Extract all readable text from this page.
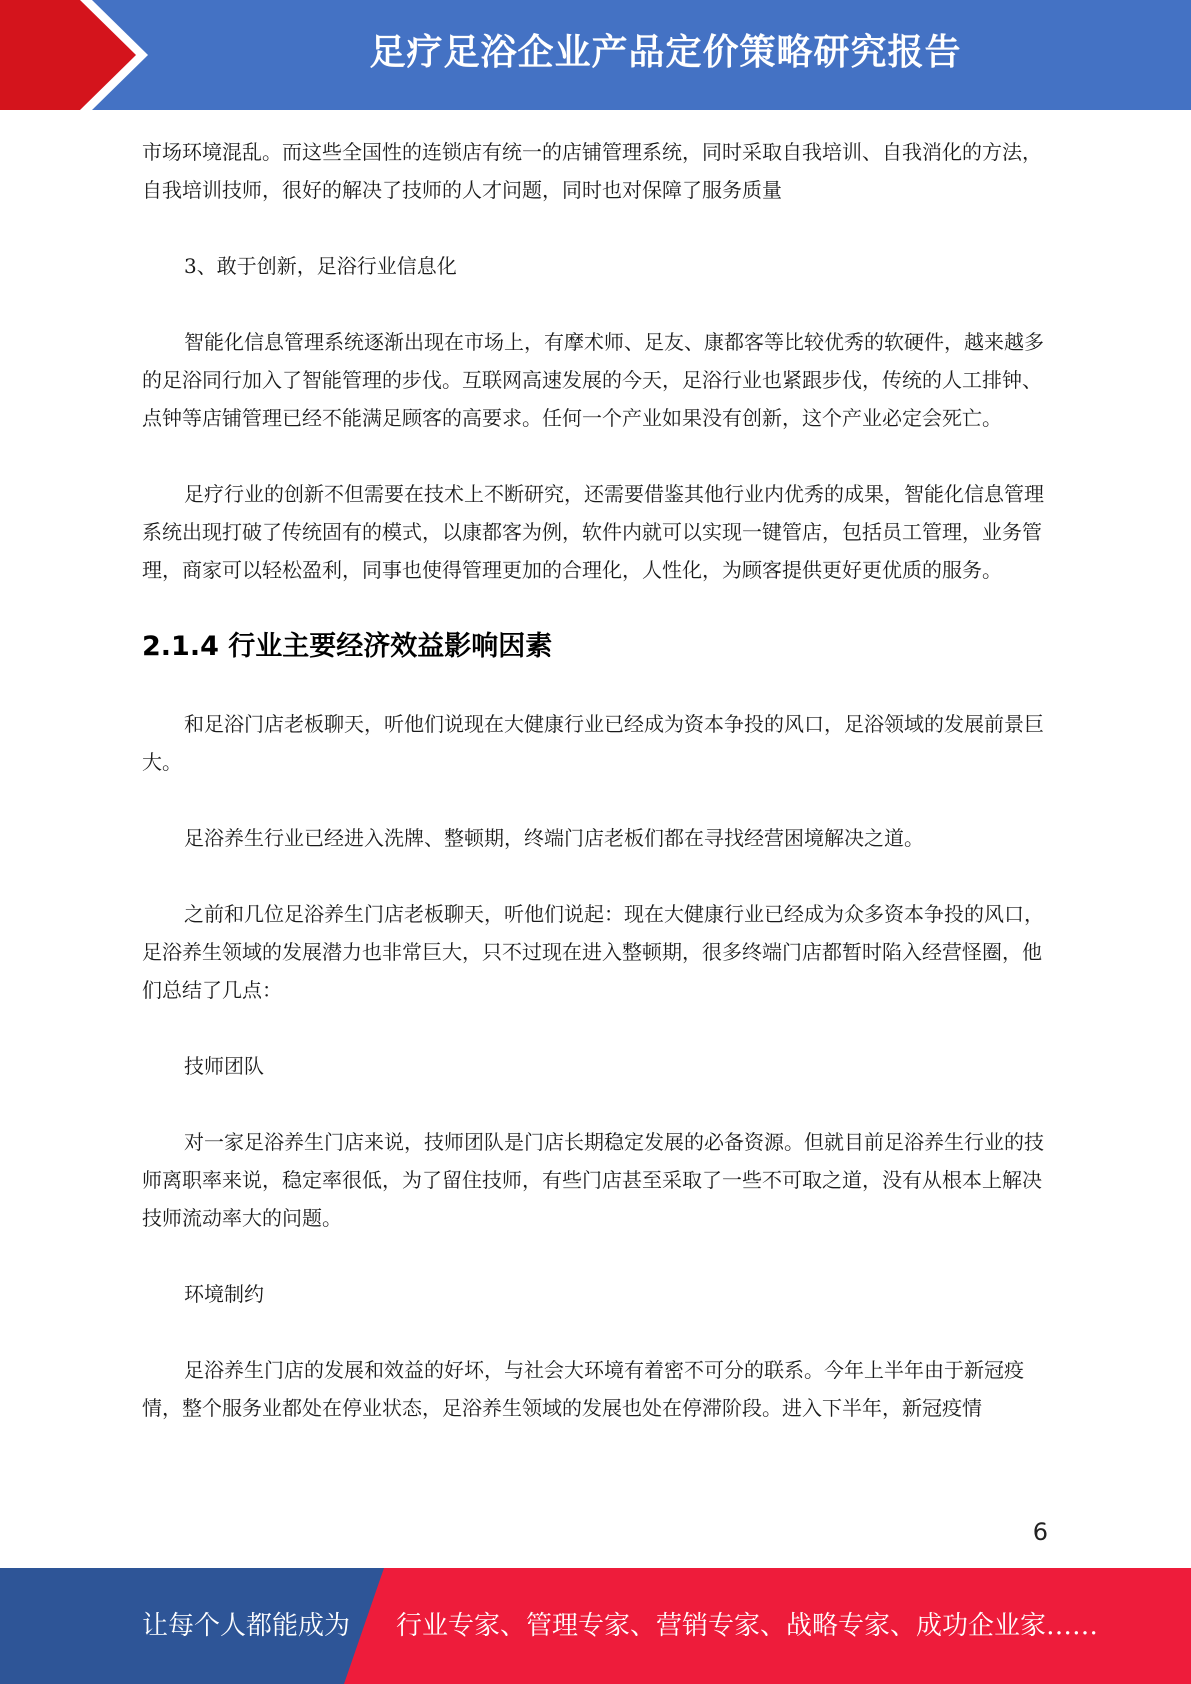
足疗足浴企业产品定价策略研究报告

市场环境混乱。而这些全国性的连锁店有统一的店铺管理系统，同时采取自我培训、自我消化的方法，自我培训技师，很好的解决了技师的人才问题，同时也对保障了服务质量

3、敢于创新，足浴行业信息化

智能化信息管理系统逐渐出现在市场上，有摩术师、足友、康都客等比较优秀的软硬件，越来越多的足浴同行加入了智能管理的步伐。互联网高速发展的今天，足浴行业也紧跟步伐，传统的人工排钟、点钟等店铺管理已经不能满足顾客的高要求。任何一个产业如果没有创新，这个产业必定会死亡。

足疗行业的创新不但需要在技术上不断研究，还需要借鉴其他行业内优秀的成果，智能化信息管理系统出现打破了传统固有的模式，以康都客为例，软件内就可以实现一键管店，包括员工管理，业务管理，商家可以轻松盈利，同事也使得管理更加的合理化，人性化，为顾客提供更好更优质的服务。

2.1.4 行业主要经济效益影响因素

和足浴门店老板聊天，听他们说现在大健康行业已经成为资本争投的风口，足浴领域的发展前景巨大。

足浴养生行业已经进入洗牌、整顿期，终端门店老板们都在寻找经营困境解决之道。

之前和几位足浴养生门店老板聊天，听他们说起：现在大健康行业已经成为众多资本争投的风口，足浴养生领域的发展潜力也非常巨大，只不过现在进入整顿期，很多终端门店都暂时陷入经营怪圈，他们总结了几点：

技师团队

对一家足浴养生门店来说，技师团队是门店长期稳定发展的必备资源。但就目前足浴养生行业的技师离职率来说，稳定率很低，为了留住技师，有些门店甚至采取了一些不可取之道，没有从根本上解决技师流动率大的问题。

环境制约

足浴养生门店的发展和效益的好坏，与社会大环境有着密不可分的联系。今年上半年由于新冠疫情，整个服务业都处在停业状态，足浴养生领域的发展也处在停滞阶段。进入下半年，新冠疫情

6
让每个人都能成为 行业专家、管理专家、营销专家、战略专家、成功企业家……
